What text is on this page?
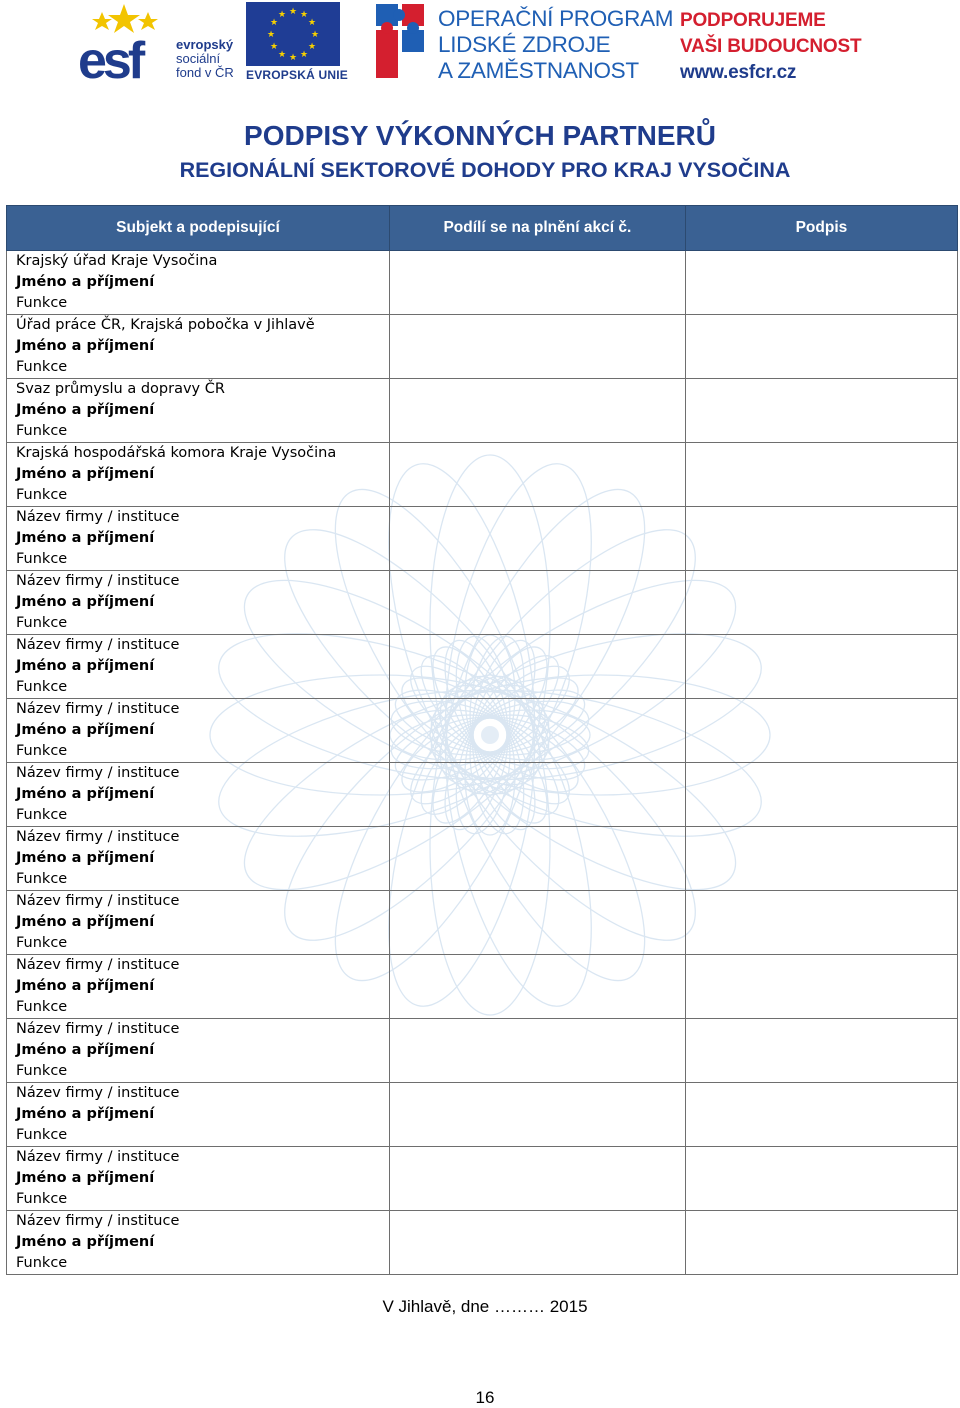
esf	evropský
sociální
fond v ČR
★ ★
★
★
★
★
★
★
★
★
★
★
EVROPSKÁ UNIE
OPERAČNÍ PROGRAM
LIDSKÉ ZDROJE
A ZAMĚSTNANOST
PODPORUJEME
VAŠI BUDOUCNOST
www.esfcr.cz
PODPISY VÝKONNÝCH PARTNERŮ
REGIONÁLNÍ SEKTOROVÉ DOHODY PRO KRAJ VYSOČINA
Subjekt a podepisující	Podílí se na plnění akcí č.	Podpis

Krajský úřad Kraje Vysočina
Jméno a příjmení
Funkce		

Úřad práce ČR, Krajská pobočka v Jihlavě
Jméno a příjmení
Funkce		

Svaz průmyslu a dopravy ČR
Jméno a příjmení
Funkce		

Krajská hospodářská komora Kraje Vysočina
Jméno a příjmení
Funkce		

Název firmy / instituce
Jméno a příjmení
Funkce		

Název firmy / instituce
Jméno a příjmení
Funkce		

Název firmy / instituce
Jméno a příjmení
Funkce		

Název firmy / instituce
Jméno a příjmení
Funkce		

Název firmy / instituce
Jméno a příjmení
Funkce		

Název firmy / instituce
Jméno a příjmení
Funkce		

Název firmy / instituce
Jméno a příjmení
Funkce		

Název firmy / instituce
Jméno a příjmení
Funkce		

Název firmy / instituce
Jméno a příjmení
Funkce		

Název firmy / instituce
Jméno a příjmení
Funkce		

Název firmy / instituce
Jméno a příjmení
Funkce		

Název firmy / instituce
Jméno a příjmení
Funkce		

V Jihlavě, dne ……… 2015

16
